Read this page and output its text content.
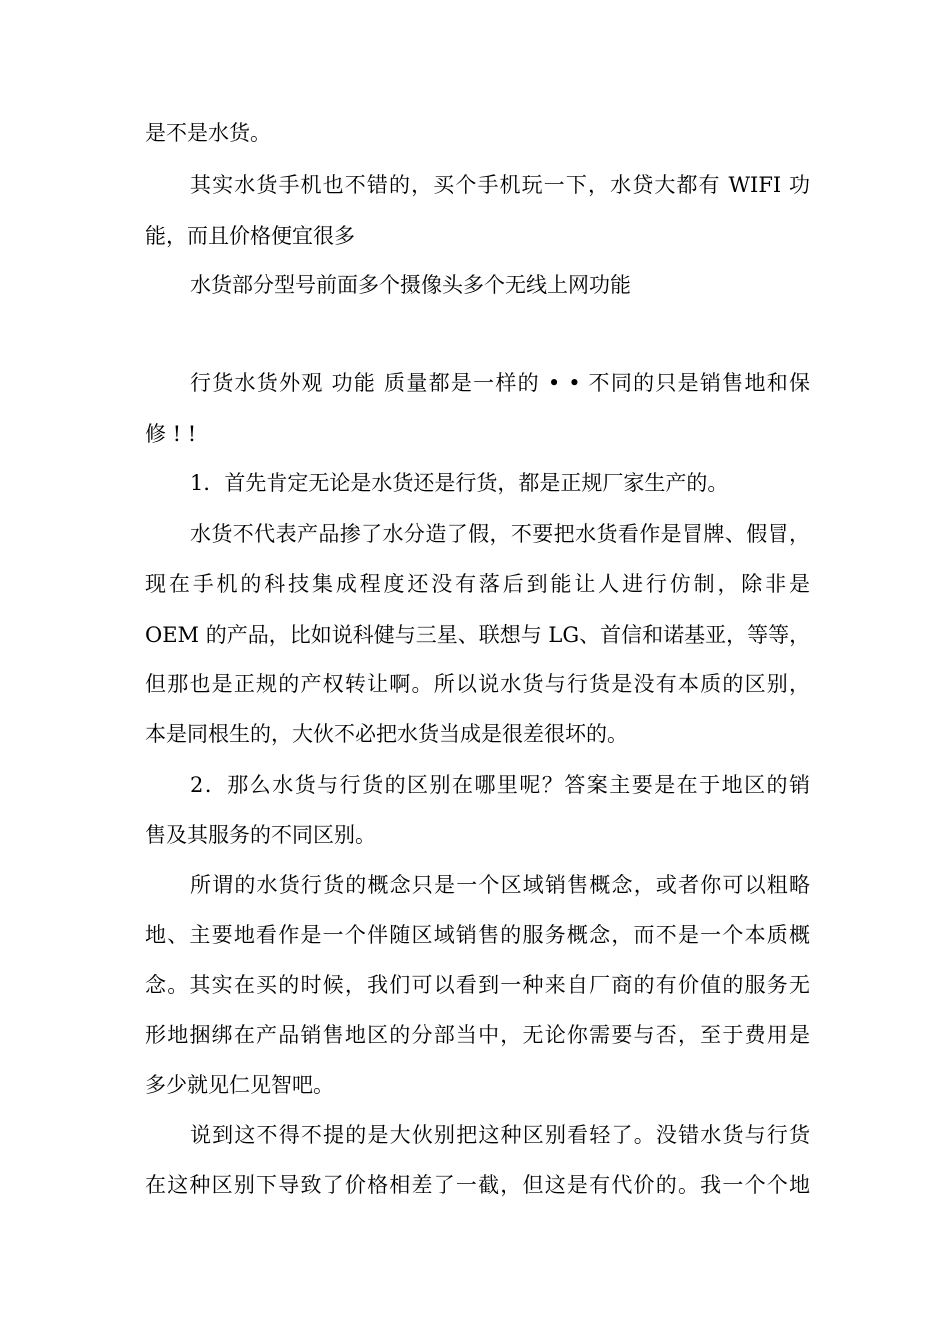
是不是水货。
其实水货手机也不错的，买个手机玩一下，水贷大都有 WIFI 功
能，而且价格便宜很多
水货部分型号前面多个摄像头多个无线上网功能
行货水货外观 功能 质量都是一样的 • • 不同的只是销售地和保
修 ! !
1．首先肯定无论是水货还是行货，都是正规厂家生产的。
水货不代表产品掺了水分造了假，不要把水货看作是冒牌、假冒，
现在手机的科技集成程度还没有落后到能让人进行仿制，除非是
OEM 的产品，比如说科健与三星、联想与 LG、首信和诺基亚，等等，
但那也是正规的产权转让啊。所以说水货与行货是没有本质的区别，
本是同根生的，大伙不必把水货当成是很差很坏的。
2．那么水货与行货的区别在哪里呢？答案主要是在于地区的销
售及其服务的不同区别。
所谓的水货行货的概念只是一个区域销售概念，或者你可以粗略
地、主要地看作是一个伴随区域销售的服务概念，而不是一个本质概
念。其实在买的时候，我们可以看到一种来自厂商的有价值的服务无
形地捆绑在产品销售地区的分部当中，无论你需要与否，至于费用是
多少就见仁见智吧。
说到这不得不提的是大伙别把这种区别看轻了。没错水货与行货
在这种区别下导致了价格相差了一截，但这是有代价的。我一个个地
